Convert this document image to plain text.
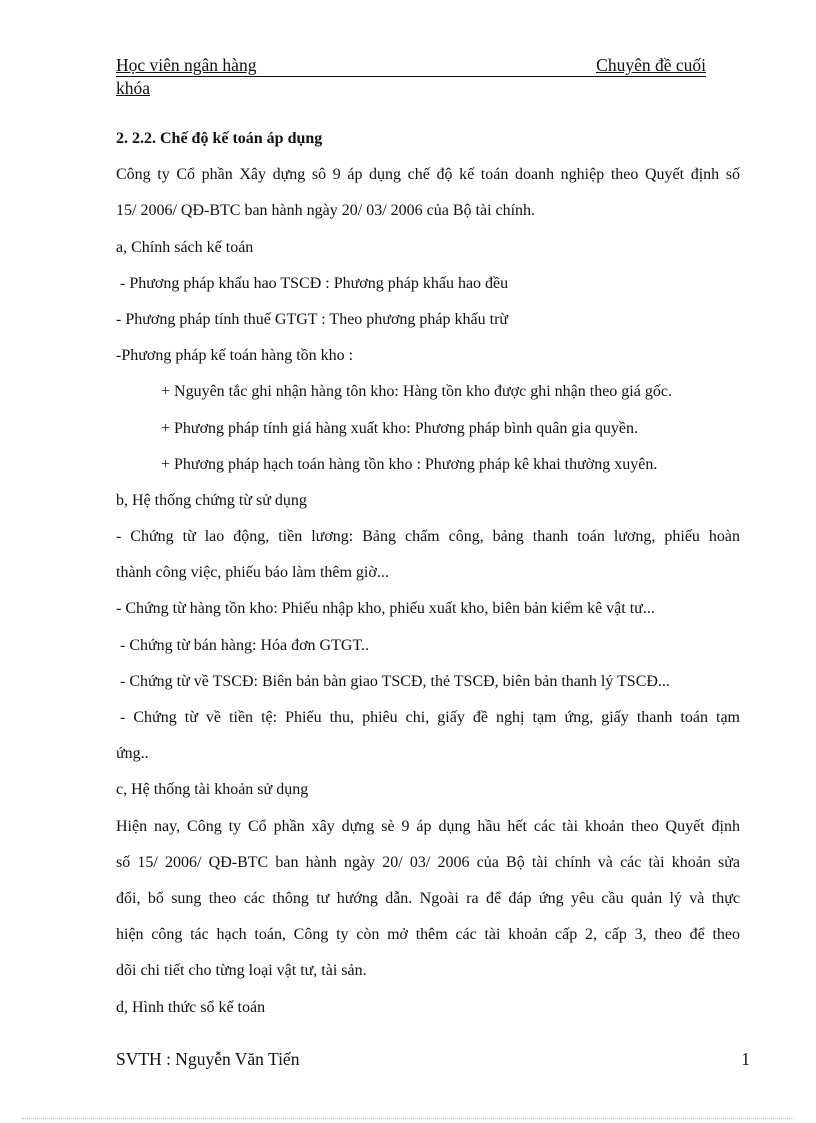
Học viên ngân hàng	Chuyên đề cuối
khóa
2. 2.2. Chế độ kế toán áp dụng
Công ty Cổ phần Xây dựng sô 9 áp dụng chế độ kế toán doanh nghiệp theo Quyết định số
15/ 2006/ QĐ-BTC ban hành ngày 20/ 03/ 2006 của Bộ tài chính.
a, Chính sách kế toán
- Phương pháp khấu hao TSCĐ : Phương pháp khấu hao đều
- Phương pháp tính thuế GTGT : Theo phương pháp khấu trừ
-Phương pháp kế toán hàng tồn kho :
+ Nguyên tắc ghi nhận hàng tôn kho: Hàng tồn kho được ghi nhận theo giá gốc.
+ Phương pháp tính giá hàng xuất kho: Phương pháp bình quân gia quyền.
+ Phương pháp hạch toán hàng tồn kho : Phương pháp kê khai thường xuyên.
b, Hệ thống chứng từ sử dụng
- Chứng từ lao động, tiền lương: Bảng chấm công, bảng thanh toán lương, phiếu hoàn
thành công việc, phiếu báo làm thêm giờ...
- Chứng từ hàng tồn kho: Phiếu nhập kho, phiếu xuất kho, biên bản kiểm kê vật tư...
- Chứng từ bán hàng: Hóa đơn GTGT..
- Chứng từ về TSCĐ: Biên bản bàn giao TSCĐ, thẻ TSCĐ, biên bản thanh lý TSCĐ...
- Chứng từ về tiền tệ: Phiếu thu, phiêu chi, giấy đề nghị tạm ứng, giấy thanh toán tạm
ứng..
c, Hệ thống tài khoản sử dụng
Hiện nay, Công ty Cổ phần xây dựng sè 9 áp dụng hầu hết các tài khoản theo Quyết định
số 15/ 2006/ QĐ-BTC ban hành ngày 20/ 03/ 2006 của Bộ tài chính và các tài khoản sửa
đổi, bổ sung theo các thông tư hướng dẫn. Ngoài ra để đáp ứng yêu cầu quản lý và thực
hiện công tác hạch toán, Công ty còn mở thêm các tài khoản cấp 2, cấp 3, theo để theo
dõi chi tiết cho từng loại vật tư, tài sản.
d, Hình thức sổ kế toán
SVTH : Nguyễn Văn Tiến	1
